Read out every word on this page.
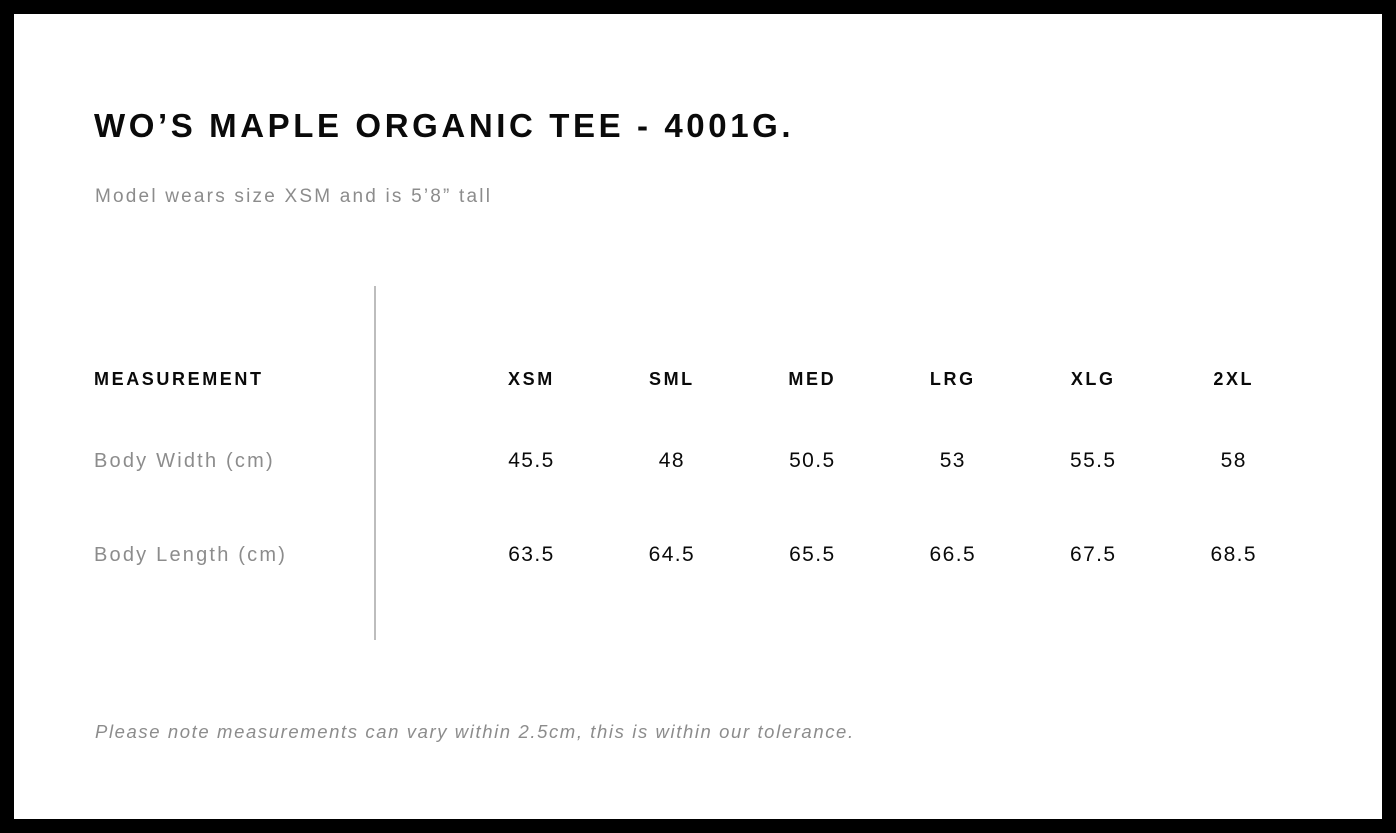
WO’S MAPLE ORGANIC TEE - 4001G.
Model wears size XSM and is 5’8” tall
MEASUREMENT	XSM	SML	MED	LRG	XLG	2XL
Body Width (cm)	45.5	48	50.5	53	55.5	58
Body Length (cm)	63.5	64.5	65.5	66.5	67.5	68.5
Please note measurements can vary within 2.5cm, this is within our tolerance.
